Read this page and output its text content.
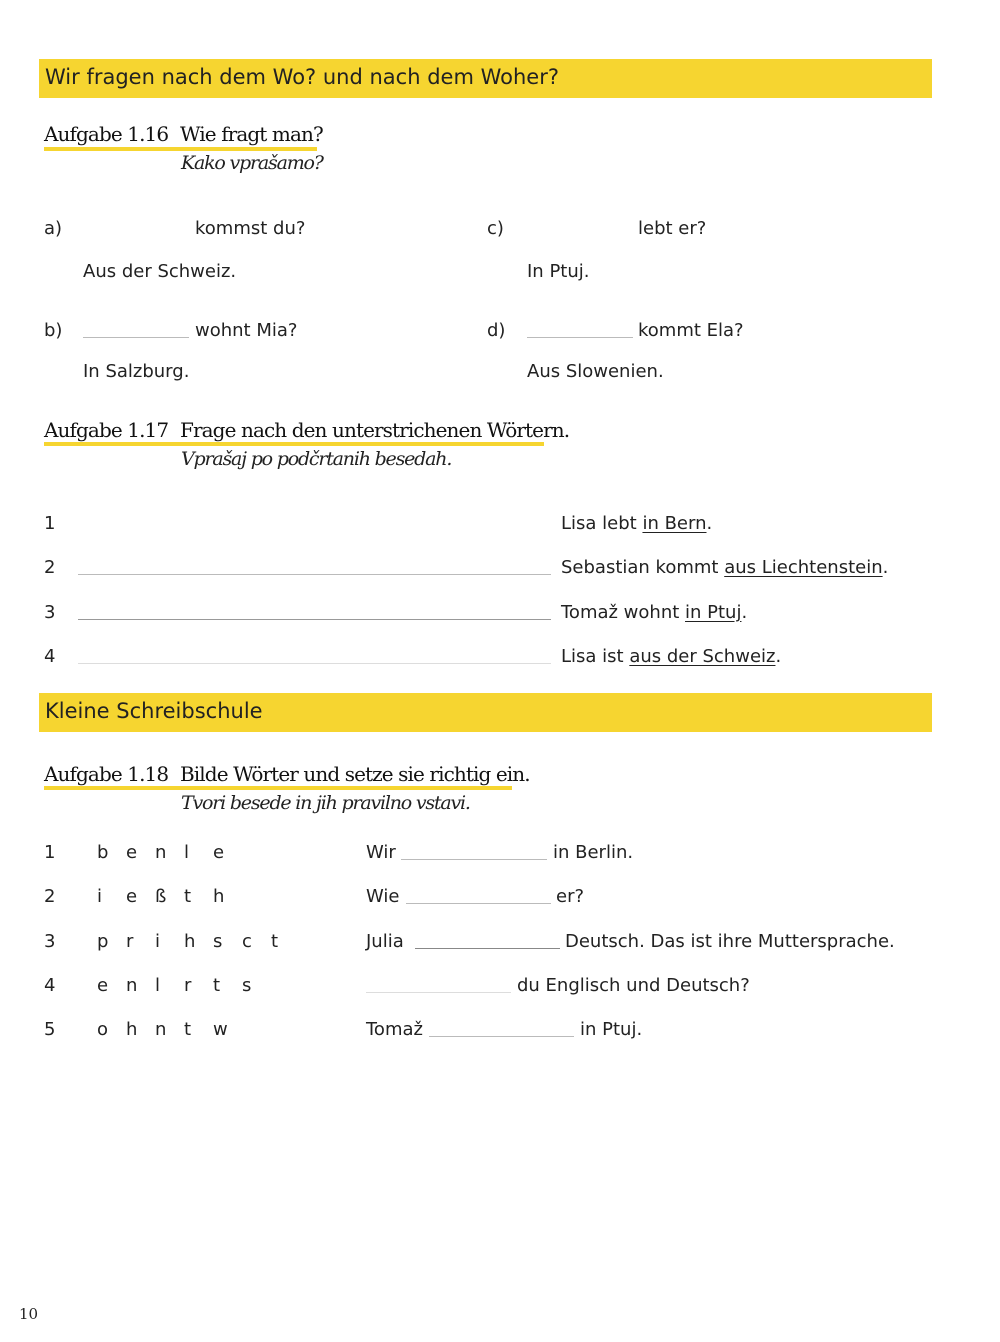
Wir fragen nach dem Wo? und nach dem Woher?
Aufgabe 1.16 Wie fragt man?
Kako vprašamo?
a)	kommst du?
Aus der Schweiz.
b)	wohnt Mia?
In Salzburg.
c)	lebt er?
In Ptuj.
d)	kommt Ela?
Aus Slowenien.
Aufgabe 1.17 Frage nach den unterstrichenen Wörtern.
Vprašaj po podčrtanih besedah.
1	Lisa lebt in Bern.
2	Sebastian kommt aus Liechtenstein.
3	Tomaž wohnt in Ptuj.
4	Lisa ist aus der Schweiz.
Kleine Schreibschule
Aufgabe 1.18 Bilde Wörter und setze sie richtig ein.
Tvori besede in jih pravilno vstavi.
1 b e n l e	Wir	in Berlin.
2 i e ß t h	Wie	er?
3 p r i h s c t	Julia	Deutsch. Das ist ihre Muttersprache.
4 e n l r t s	du Englisch und Deutsch?
5 o h n t w	Tomaž	in Ptuj.
10
